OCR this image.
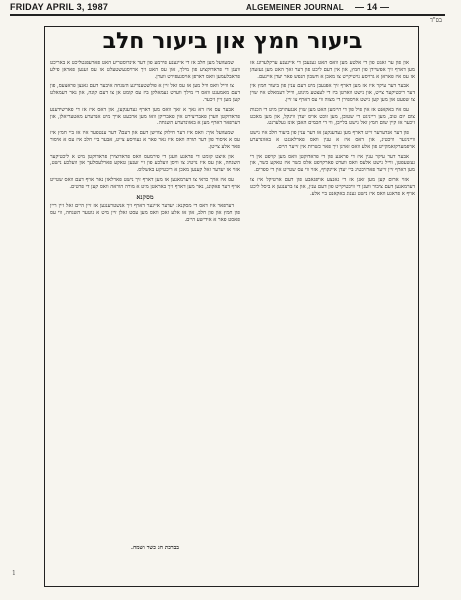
FRIDAY APRIL 3, 1987	ALGEMEINER JOURNAL — 14 —
בס"ד
ביעור חמץ און ביעור חלב

און פון ער זאגט פון די אלטע מען וואס האט געגעבן די אייגענע ערקלערונג אז מען דארף זיך אפשיידן פון חמץ, און אין דעם ליכט פון דער זאך האט מען געזעהן אז עס איז פאראן א גרויסע נויטיקייט צו מאכן א חשבון הנפש פאר יעדן איינעם.

אבער דער עיקר איז אז מען דארף זיך אפגעבן מיט דעם ענין פון ביעור חמץ אין דער ריכטיקער צייט, און נישט ווארטן ביז די לעצטע מינוט, ווייל דעמאלט איז שוין צו שפעט און מען קען נישט אויספירן די מצוה ווי עס דארף צו זיין.

עס איז באקאנט אז אין פיל פון די היימען האט מען שוין אנגעהויבן מיט די הכנות צום יום טוב, מען רייניגט די שטובן, מען זוכט אויס יעדן ווינקל, און מען מאכט זיכער אז קיין שום חמץ זאל נישט בלייבן, ווי די חכמים האבן אונז געלערנט.

פון דער אנדערער זייט דארף מען געדענקען אז דער ענין פון ביעור חלב איז נישט ווייניגער וויכטיג, און דאס איז א ענין וואס פארלאנגט א באזונדערע אויפמערקזאמקייט פון אלע וואס זארגן זיך פאר כשרות אין זייער היים.

אבער דער עיקר ענין איז די פראגע פון די פראדוקטן וואס מען קויפט אין די געשעפטן, ווייל נישט אלעס וואס ווערט פארקויפט אלס כשר איז טאקע כשר, און מען דארף זיין זייער פארזיכטיג ביי יעדן איינקויף, אזוי ווי עס שטייט אין די ספרים.

אזוי ארום קען מען זאגן אז די גאנצע אויפגאבע פון דעם ארטיקל איז צו דערמאנען דעם ציבור וועגן די וויכטיקייט פון דעם ענין, און צו ברענגען א ביסל ליכט אויף א פראגע וואס איז נישט גענוג באקאנט ביי אלע.

שמעוועל מען חלב אז די אייגענע פירמע פון דער אינדוסטריע האט פארעפנטליכט א באריכט וועגן די פראדוקציע פון מילך, און עס האט זיך ארויסגעשטעלט אז עס זענען פאראן פילע פראבלעמען וואס דארפן אויסגעפירט ווערן.

צו ווייל וואס וויל מען אז עס זאל זיין א פולשטענדיגע השגחה איבער דעם גאנצן פראצעס, פון דעם מאמענט וואס די מילך ווערט געמאלקן ביז עס קומט אן צו דעם קונה, און נאר דעמאלט קען מען זיין זיכער.

אבער עס איז דא נאך א זאך וואס מען דארף געדענקען, און דאס איז אז די פארשידענע פראדוקטן ווערן פאבריצירט אין פאבריקן וואו מען ארבעט אויך מיט אנדערע מאטעריאלן, און דערפאר דארף מען א באזונדערע השגחה.

שמעוועל איך: וואס איז דער חילוק צווישן דעם און דעם? דער ענטפער איז אז ביי חמץ איז עס א איסור פון דער תורה וואס איז נאר פאר א געוויסע צייט, אבער ביי חלב איז עס א איסור פאר אלע צייטן.

און איצט קומט די פראגע וועגן די פירמעס וואס פראדוצירן פראדוקטן מיט א ליכטיקער השגחה, און עס איז נויטיג צו וויסן וועלכע פון זיי זענען טאקע פארלעסלעך און וועלכע נישט, אזוי אז יעדער זאל קענען מאכן א ריכטיקע באשלוס.

עס איז אויך כדאי צו דערמאנען אז מען דארף זיך נישט פארלאזן נאר אויף דעם וואס שטייט אויף דער פאקונג, נאר מען דארף זיך באראטן מיט א מורה הוראה וואס קען די פרטים.

מסקנא

דערפאר איז דאס די מסקנא: יעדער איינער דארף זיך אנשטרענגען אז זיין היים זאל זיין ריין פון חמץ און פון חלב, און אז אלע זאכן וואס מען עסט זאלן זיין מיט א גוטער השגחה, ווי עס פאסט פאר א אידישע היים.

בברכת חג כשר ושמח.
1
